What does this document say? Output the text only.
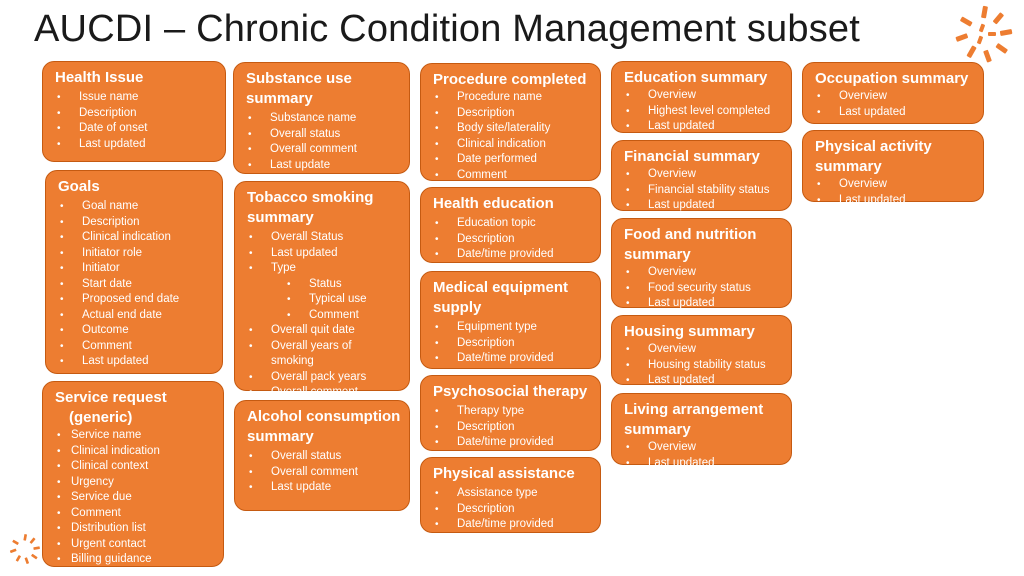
AUCDI – Chronic Condition Management subset
Health Issue
• Issue name
• Description
• Date of onset
• Last updated
Goals
• Goal name
• Description
• Clinical indication
• Initiator role
• Initiator
• Start date
• Proposed end date
• Actual end date
• Outcome
• Comment
• Last updated
Service request
(generic)
• Service name
• Clinical indication
• Clinical context
• Urgency
• Service due
• Comment
• Distribution list
• Urgent contact
• Billing guidance
Substance use summary
• Substance name
• Overall status
• Overall comment
• Last update
Tobacco smoking summary
• Overall Status
• Last updated
• Type
• Status
• Typical use
• Comment
• Overall quit date
• Overall years of
smoking
• Overall pack years
• Overall comment
Alcohol consumption summary
• Overall status
• Overall comment
• Last update
Procedure completed
• Procedure name
• Description
• Body site/laterality
• Clinical indication
• Date performed
• Comment
Health education
• Education topic
• Description
• Date/time provided
Medical equipment supply
• Equipment type
• Description
• Date/time provided
Psychosocial therapy
• Therapy type
• Description
• Date/time provided
Physical assistance
• Assistance type
• Description
• Date/time provided
Education summary
• Overview
• Highest level completed
• Last updated
Financial summary
• Overview
• Financial stability status
• Last updated
Food and nutrition summary
• Overview
• Food security status
• Last updated
Housing summary
• Overview
• Housing stability status
• Last updated
Living arrangement summary
• Overview
• Last updated
Occupation summary
• Overview
• Last updated
Physical activity summary
• Overview
• Last updated
